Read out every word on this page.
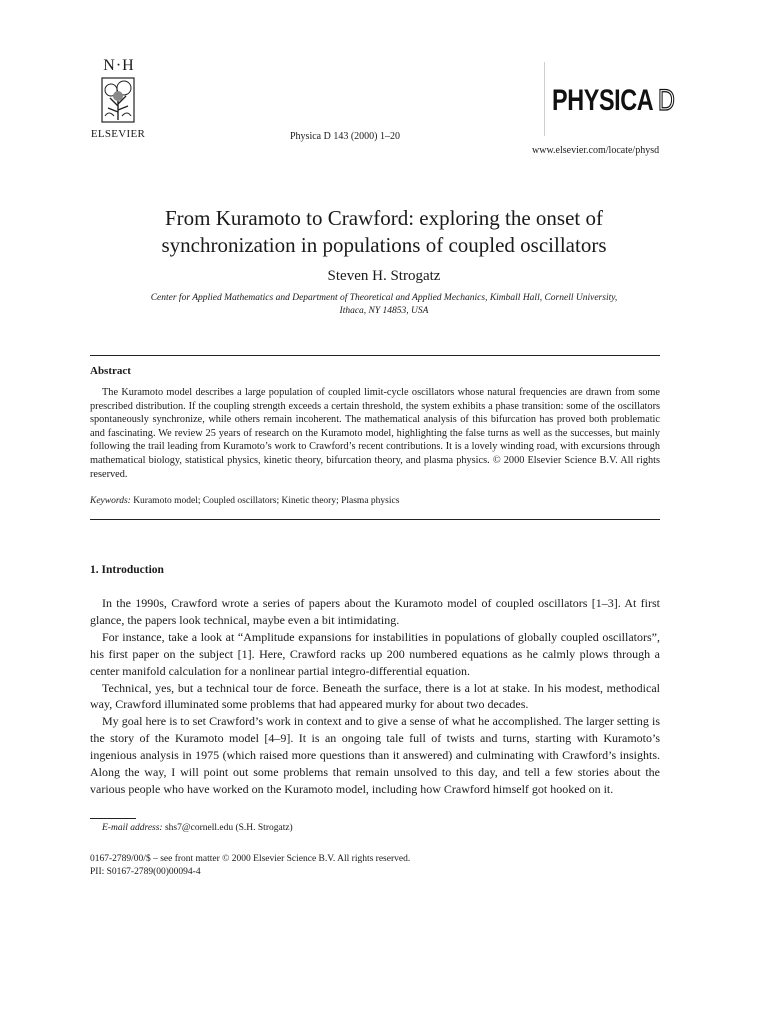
N·H
ELSEVIER	Physica D 143 (2000) 1–20
PHYSICA D
www.elsevier.com/locate/physd
From Kuramoto to Crawford: exploring the onset of
synchronization in populations of coupled oscillators
Steven H. Strogatz
Center for Applied Mathematics and Department of Theoretical and Applied Mechanics, Kimball Hall, Cornell University,
Ithaca, NY 14853, USA
Abstract
The Kuramoto model describes a large population of coupled limit-cycle oscillators whose natural frequencies are drawn from some prescribed distribution. If the coupling strength exceeds a certain threshold, the system exhibits a phase transition: some of the oscillators spontaneously synchronize, while others remain incoherent. The mathematical analysis of this bifurcation has proved both problematic and fascinating. We review 25 years of research on the Kuramoto model, highlighting the false turns as well as the successes, but mainly following the trail leading from Kuramoto’s work to Crawford’s recent contributions. It is a lovely winding road, with excursions through mathematical biology, statistical physics, kinetic theory, bifurcation theory, and plasma physics. © 2000 Elsevier Science B.V. All rights reserved.
Keywords: Kuramoto model; Coupled oscillators; Kinetic theory; Plasma physics
1. Introduction

In the 1990s, Crawford wrote a series of papers about the Kuramoto model of coupled oscillators [1–3]. At first glance, the papers look technical, maybe even a bit intimidating.

For instance, take a look at “Amplitude expansions for instabilities in populations of globally coupled oscillators”, his first paper on the subject [1]. Here, Crawford racks up 200 numbered equations as he calmly plows through a center manifold calculation for a nonlinear partial integro-differential equation.

Technical, yes, but a technical tour de force. Beneath the surface, there is a lot at stake. In his modest, methodical way, Crawford illuminated some problems that had appeared murky for about two decades.

My goal here is to set Crawford’s work in context and to give a sense of what he accomplished. The larger setting is the story of the Kuramoto model [4–9]. It is an ongoing tale full of twists and turns, starting with Kuramoto’s ingenious analysis in 1975 (which raised more questions than it answered) and culminating with Crawford’s insights. Along the way, I will point out some problems that remain unsolved to this day, and tell a few stories about the various people who have worked on the Kuramoto model, including how Crawford himself got hooked on it.

E-mail address: shs7@cornell.edu (S.H. Strogatz)
0167-2789/00/$ – see front matter © 2000 Elsevier Science B.V. All rights reserved.
PII: S0167-2789(00)00094-4
